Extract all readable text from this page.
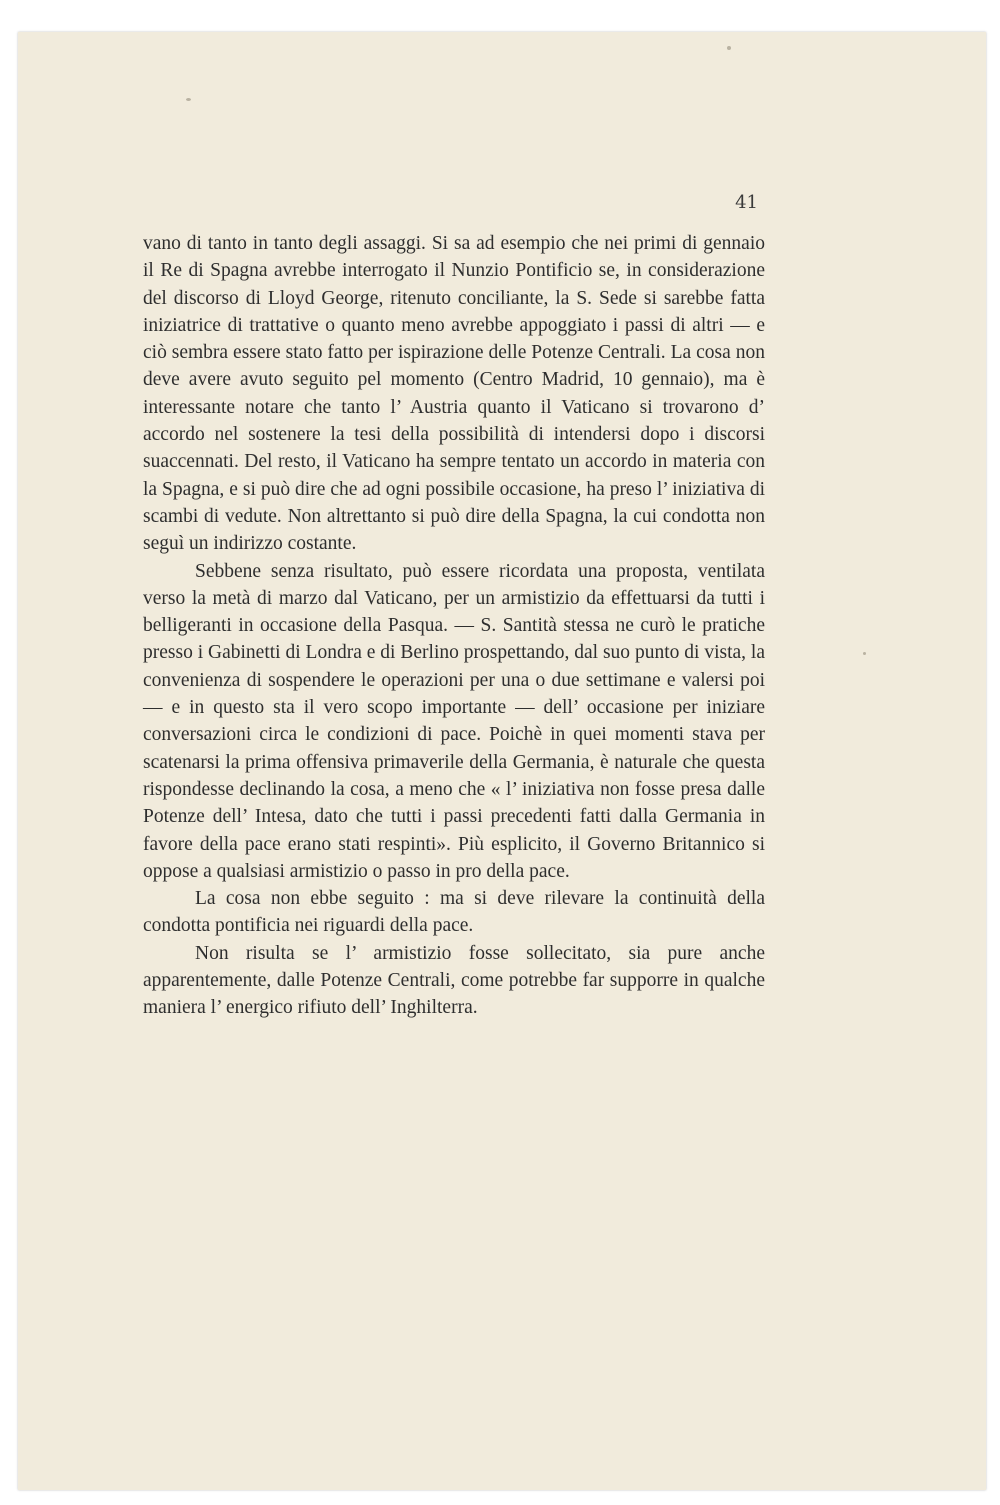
41

vano di tanto in tanto degli assaggi. Si sa ad esempio che nei primi di gennaio il Re di Spagna avrebbe interrogato il Nunzio Pontificio se, in considerazione del discorso di Lloyd George, ritenuto conciliante, la S. Sede si sarebbe fatta iniziatrice di trattative o quanto meno avrebbe appoggiato i passi di altri — e ciò sembra essere stato fatto per ispirazione delle Potenze Centrali. La cosa non deve avere avuto seguito pel momento (Centro Madrid, 10 gennaio), ma è interessante notare che tanto l’ Austria quanto il Vaticano si trovarono d’ accordo nel sostenere la tesi della possibilità di intendersi dopo i discorsi suaccennati. Del resto, il Vaticano ha sempre tentato un accordo in materia con la Spagna, e si può dire che ad ogni possibile occasione, ha preso l’ iniziativa di scambi di vedute. Non altrettanto si può dire della Spagna, la cui condotta non seguì un indirizzo costante.

Sebbene senza risultato, può essere ricordata una proposta, ventilata verso la metà di marzo dal Vaticano, per un armistizio da effettuarsi da tutti i belligeranti in occasione della Pasqua. — S. Santità stessa ne curò le pratiche presso i Gabinetti di Londra e di Berlino prospettando, dal suo punto di vista, la convenienza di sospendere le operazioni per una o due settimane e valersi poi — e in questo sta il vero scopo importante — dell’ occasione per iniziare conversazioni circa le condizioni di pace. Poichè in quei momenti stava per scatenarsi la prima offensiva primaverile della Germania, è naturale che questa rispondesse declinando la cosa, a meno che « l’ iniziativa non fosse presa dalle Potenze dell’ Intesa, dato che tutti i passi precedenti fatti dalla Germania in favore della pace erano stati respinti». Più esplicito, il Governo Britannico si oppose a qualsiasi armistizio o passo in pro della pace.

La cosa non ebbe seguito : ma si deve rilevare la continuità della condotta pontificia nei riguardi della pace.

Non risulta se l’ armistizio fosse sollecitato, sia pure anche apparentemente, dalle Potenze Centrali, come potrebbe far supporre in qualche maniera l’ energico rifiuto dell’ Inghilterra.
